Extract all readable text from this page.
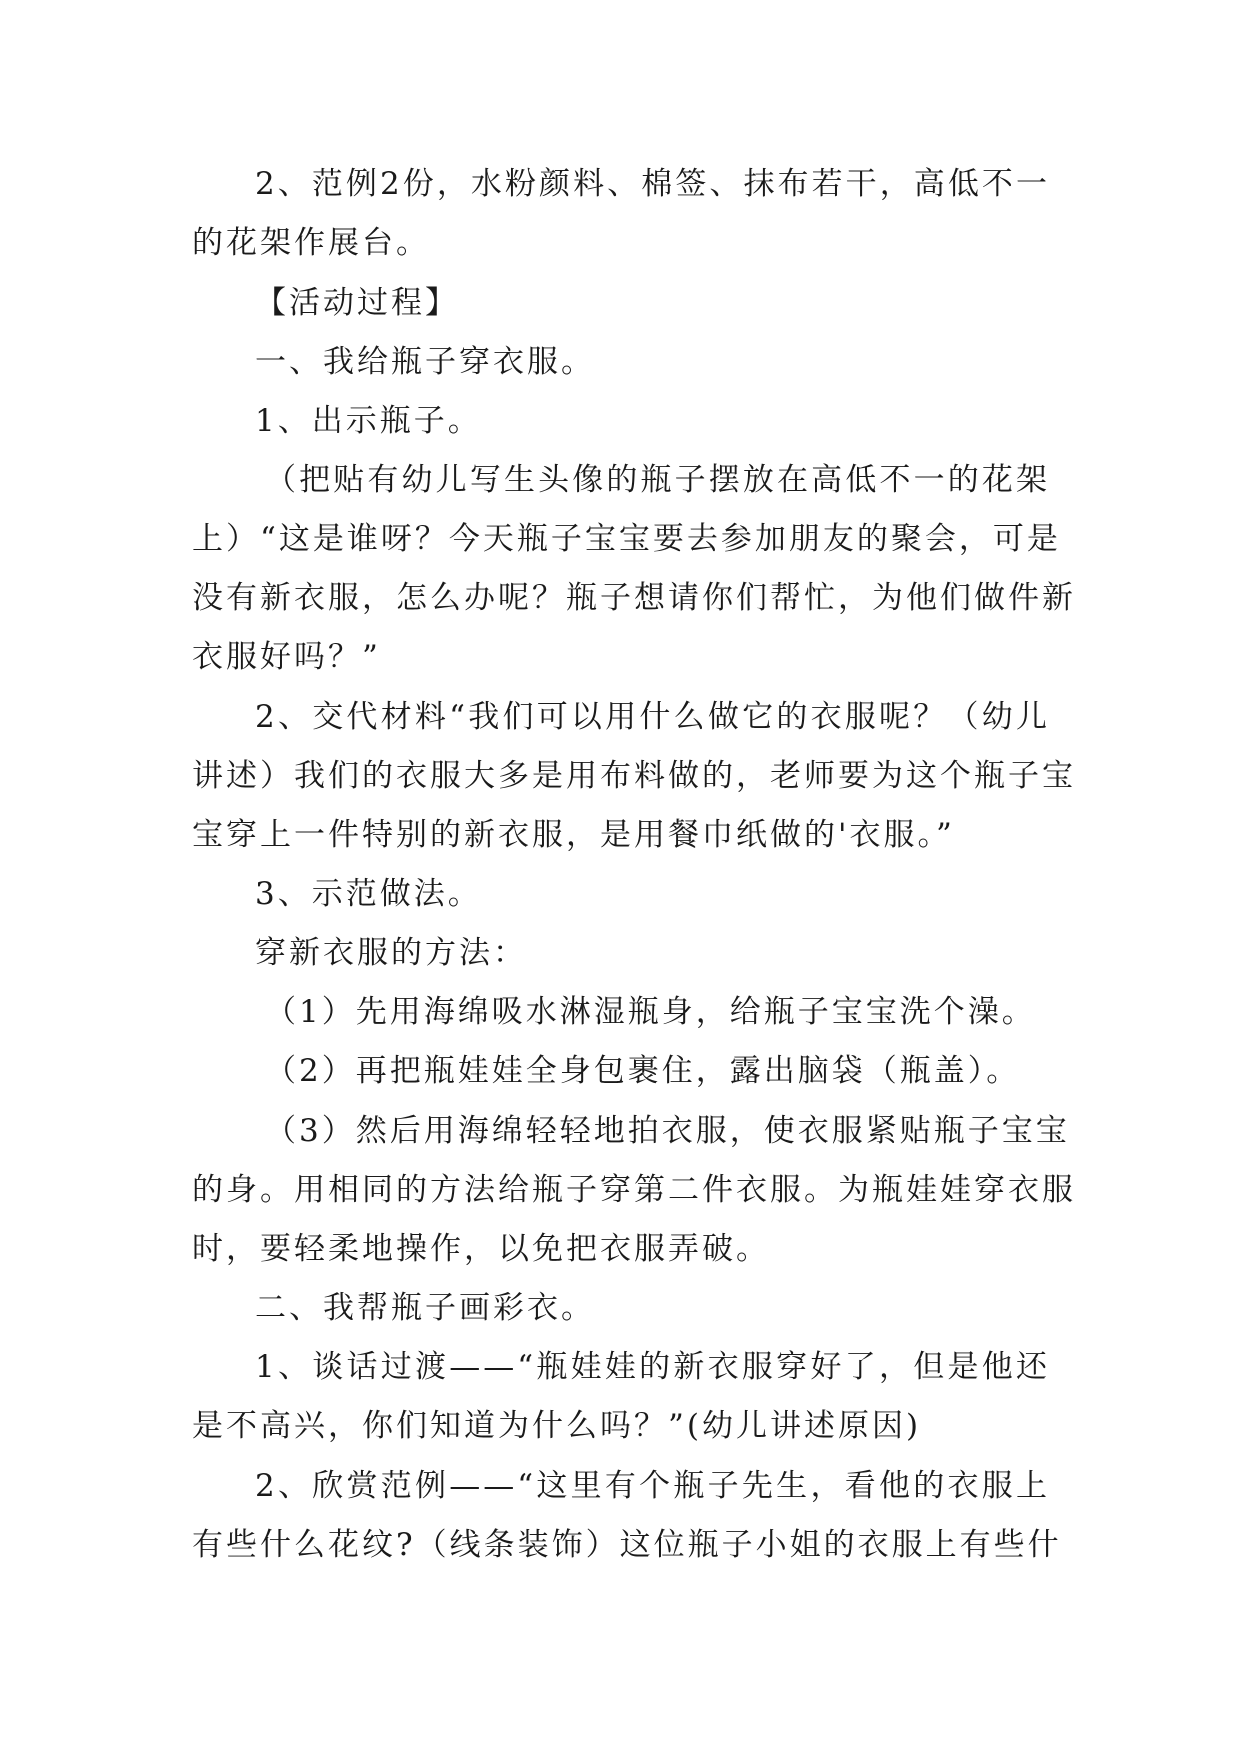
2、范例2份，水粉颜料、棉签、抹布若干，高低不一
的花架作展台。
【活动过程】
一、我给瓶子穿衣服。
1、出示瓶子。
（把贴有幼儿写生头像的瓶子摆放在高低不一的花架
上）“这是谁呀？今天瓶子宝宝要去参加朋友的聚会，可是
没有新衣服，怎么办呢？瓶子想请你们帮忙，为他们做件新
衣服好吗？”
2、交代材料“我们可以用什么做它的衣服呢？（幼儿
讲述）我们的衣服大多是用布料做的，老师要为这个瓶子宝
宝穿上一件特别的新衣服，是用餐巾纸做的'衣服。”
3、示范做法。
穿新衣服的方法：
（1）先用海绵吸水淋湿瓶身，给瓶子宝宝洗个澡。
（2）再把瓶娃娃全身包裹住，露出脑袋（瓶盖）。
（3）然后用海绵轻轻地拍衣服，使衣服紧贴瓶子宝宝
的身。用相同的方法给瓶子穿第二件衣服。为瓶娃娃穿衣服
时，要轻柔地操作，以免把衣服弄破。
二、我帮瓶子画彩衣。
1、谈话过渡——“瓶娃娃的新衣服穿好了，但是他还
是不高兴，你们知道为什么吗？”(幼儿讲述原因)
2、欣赏范例——“这里有个瓶子先生，看他的衣服上
有些什么花纹?（线条装饰）这位瓶子小姐的衣服上有些什
